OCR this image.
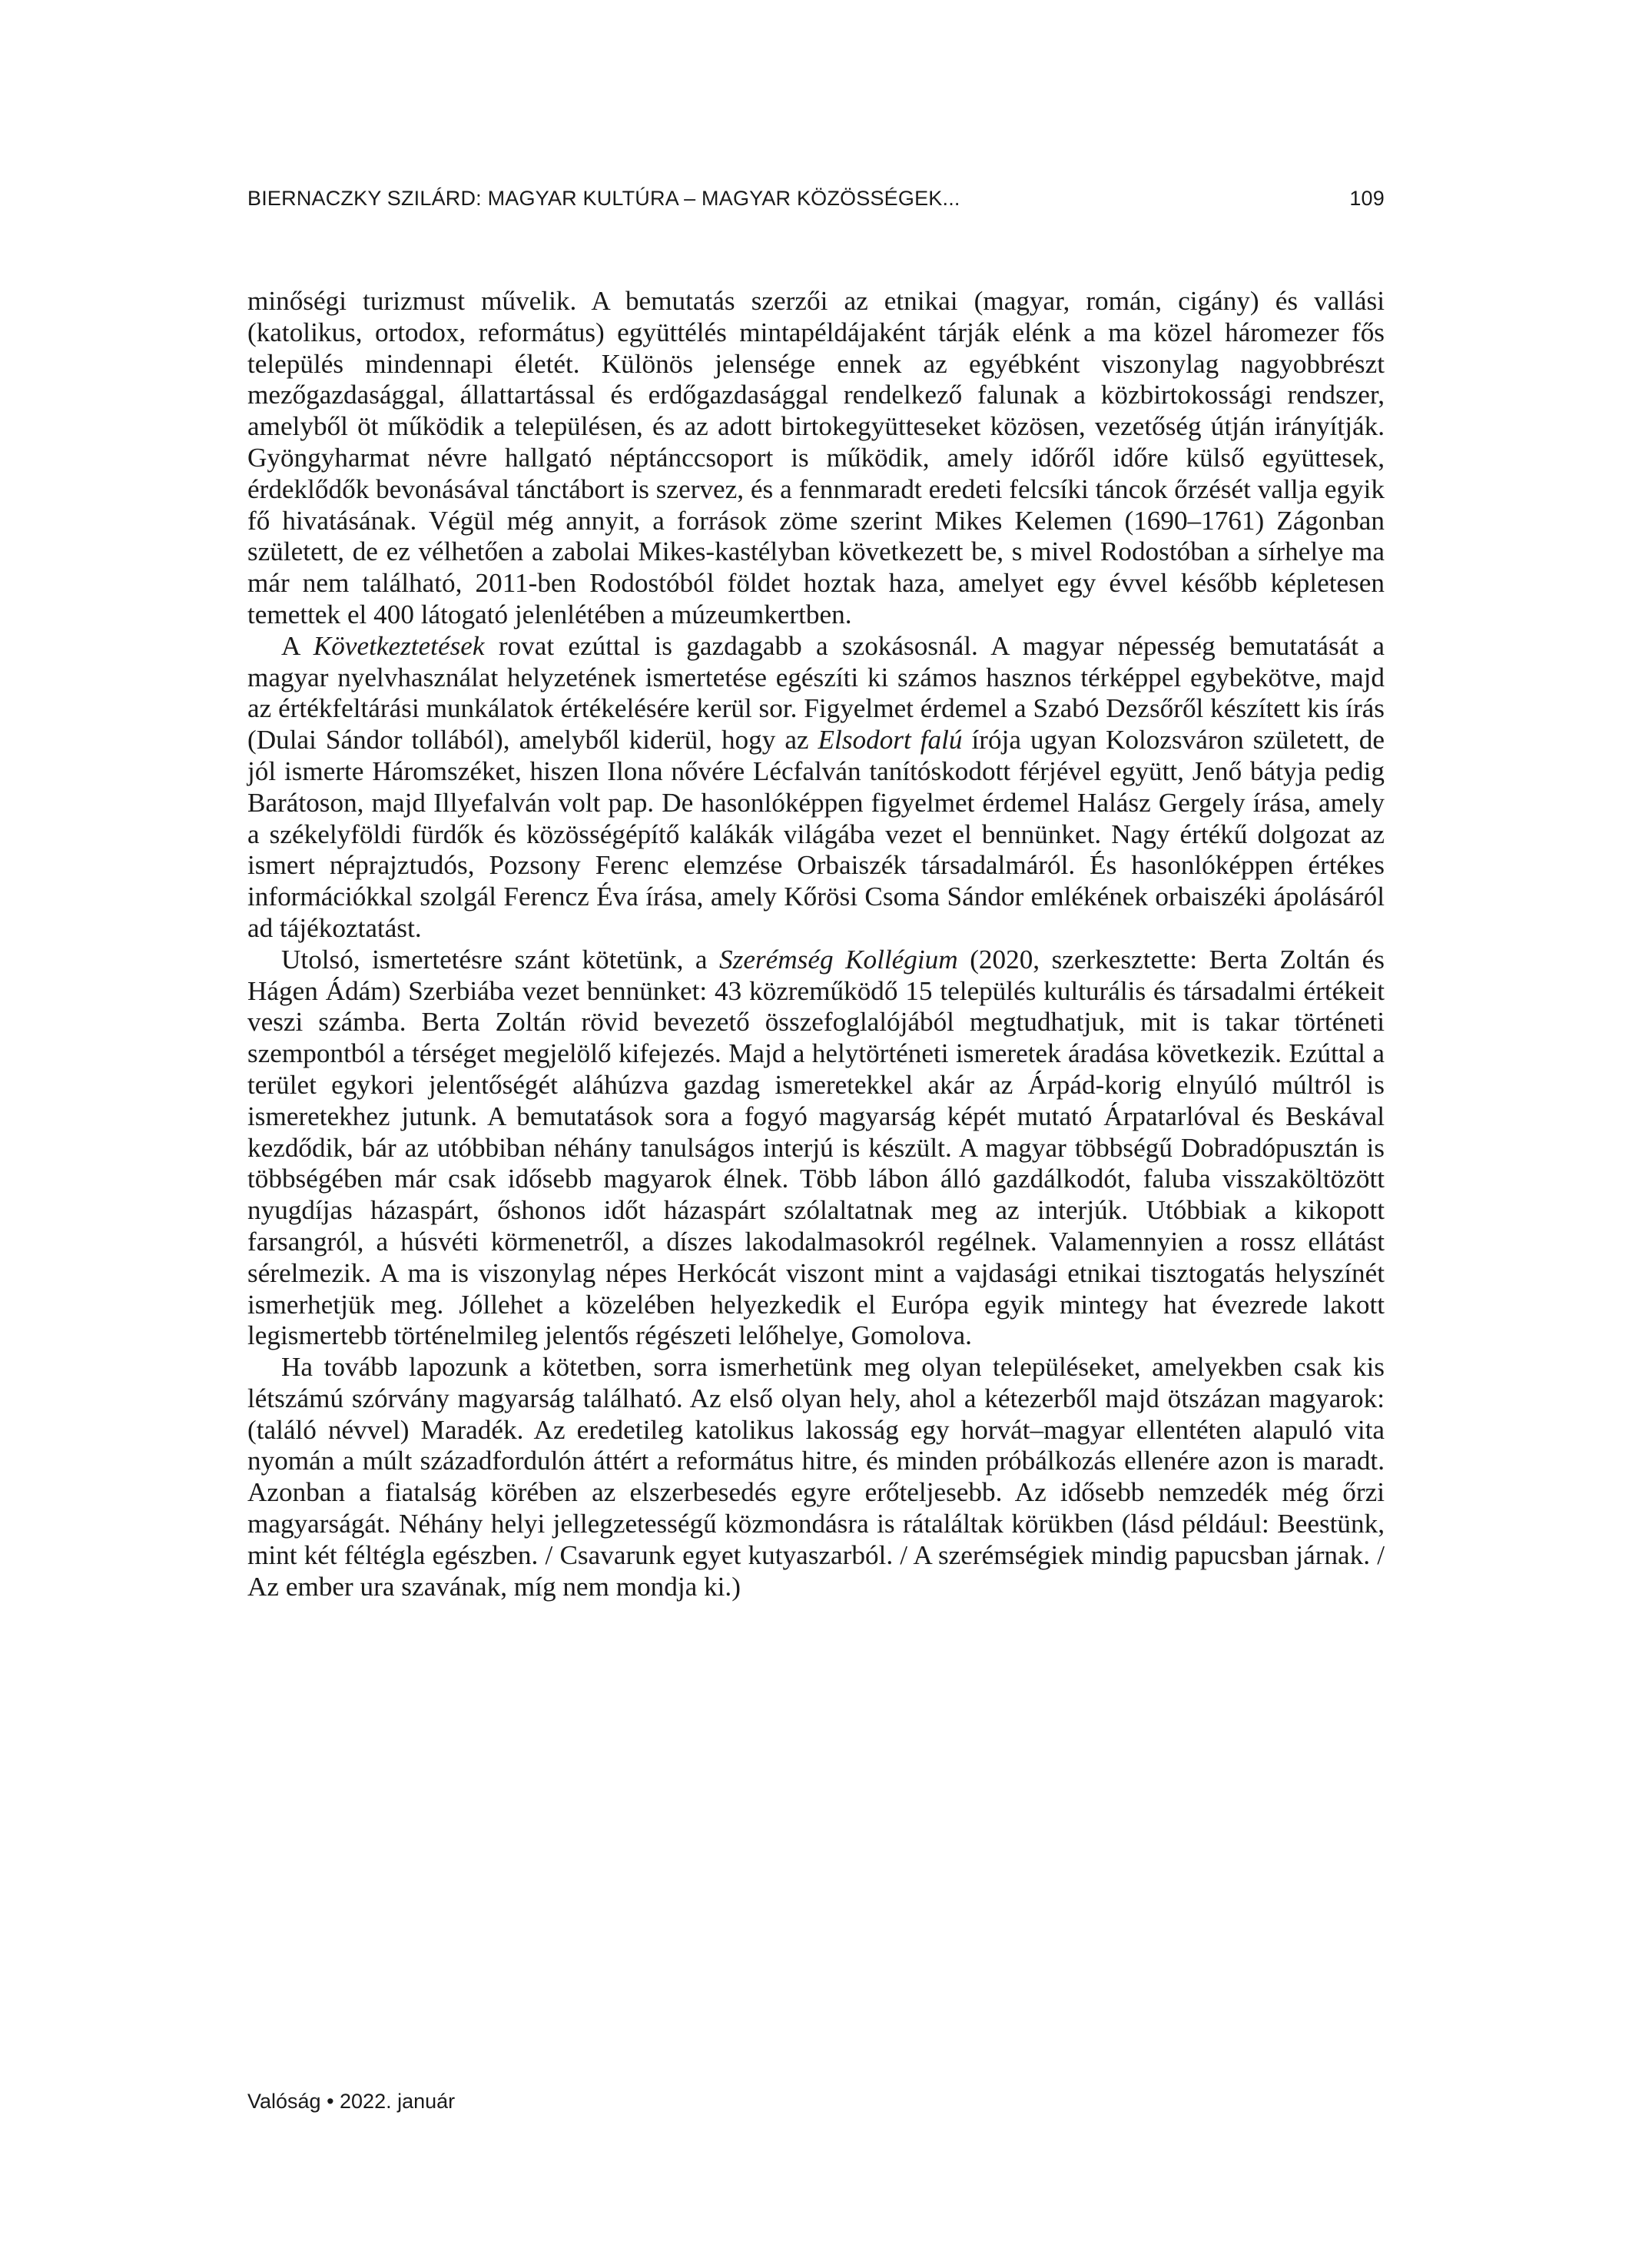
BIERNACZKY SZILÁRD: MAGYAR KULTÚRA – MAGYAR KÖZÖSSÉGEK...	109

minőségi turizmust művelik. A bemutatás szerzői az etnikai (magyar, román, cigány) és vallási (katolikus, ortodox, református) együttélés mintapéldájaként tárják elénk a ma közel háromezer fős település mindennapi életét. Különös jelensége ennek az egyébként viszonylag nagyobbrészt mezőgazdasággal, állattartással és erdőgazdasággal rendelkező falunak a közbirtokossági rendszer, amelyből öt működik a településen, és az adott birtokegyütteseket közösen, vezetőség útján irányítják. Gyöngyharmat névre hallgató néptánccsoport is működik, amely időről időre külső együttesek, érdeklődők bevonásával tánctábort is szervez, és a fennmaradt eredeti felcsíki táncok őrzését vallja egyik fő hivatásának. Végül még annyit, a források zöme szerint Mikes Kelemen (1690–1761) Zágonban született, de ez vélhetően a zabolai Mikes-kastélyban következett be, s mivel Rodostóban a sírhelye ma már nem található, 2011-ben Rodostóból földet hoztak haza, amelyet egy évvel később képletesen temettek el 400 látogató jelenlétében a múzeumkertben.

A Következtetések rovat ezúttal is gazdagabb a szokásosnál. A magyar népesség bemutatását a magyar nyelvhasználat helyzetének ismertetése egészíti ki számos hasznos térképpel egybekötve, majd az értékfeltárási munkálatok értékelésére kerül sor. Figyelmet érdemel a Szabó Dezsőről készített kis írás (Dulai Sándor tollából), amelyből kiderül, hogy az Elsodort falú írója ugyan Kolozsváron született, de jól ismerte Háromszéket, hiszen Ilona nővére Lécfalván tanítóskodott férjével együtt, Jenő bátyja pedig Barátoson, majd Illyefalván volt pap. De hasonlóképpen figyelmet érdemel Halász Gergely írása, amely a székelyföldi fürdők és közösségépítő kalákák világába vezet el bennünket. Nagy értékű dolgozat az ismert néprajztudós, Pozsony Ferenc elemzése Orbaiszék társadalmáról. És hasonlóképpen értékes információkkal szolgál Ferencz Éva írása, amely Kőrösi Csoma Sándor emlékének orbaiszéki ápolásáról ad tájékoztatást.

Utolsó, ismertetésre szánt kötetünk, a Szerémség Kollégium (2020, szerkesztette: Berta Zoltán és Hágen Ádám) Szerbiába vezet bennünket: 43 közreműködő 15 település kulturális és társadalmi értékeit veszi számba. Berta Zoltán rövid bevezető összefoglalójából megtudhatjuk, mit is takar történeti szempontból a térséget megjelölő kifejezés. Majd a helytörténeti ismeretek áradása következik. Ezúttal a terület egykori jelentőségét aláhúzva gazdag ismeretekkel akár az Árpád-korig elnyúló múltról is ismeretekhez jutunk. A bemutatások sora a fogyó magyarság képét mutató Árpatarlóval és Beskával kezdődik, bár az utóbbiban néhány tanulságos interjú is készült. A magyar többségű Dobradópusztán is többségében már csak idősebb magyarok élnek. Több lábon álló gazdálkodót, faluba visszaköltözött nyugdíjas házaspárt, őshonos időt házaspárt szólaltatnak meg az interjúk. Utóbbiak a kikopott farsangról, a húsvéti körmenetről, a díszes lakodalmasokról regélnek. Valamennyien a rossz ellátást sérelmezik. A ma is viszonylag népes Herkócát viszont mint a vajdasági etnikai tisztogatás helyszínét ismerhetjük meg. Jóllehet a közelében helyezkedik el Európa egyik mintegy hat évezrede lakott legismertebb történelmileg jelentős régészeti lelőhelye, Gomolova.

Ha tovább lapozunk a kötetben, sorra ismerhetünk meg olyan településeket, amelyekben csak kis létszámú szórvány magyarság található. Az első olyan hely, ahol a kétezerből majd ötszázan magyarok: (találó névvel) Maradék. Az eredetileg katolikus lakosság egy horvát–magyar ellentéten alapuló vita nyomán a múlt századfordulón áttért a református hitre, és minden próbálkozás ellenére azon is maradt. Azonban a fiatalság körében az elszerbesedés egyre erőteljesebb. Az idősebb nemzedék még őrzi magyarságát. Néhány helyi jellegzetességű közmondásra is rátaláltak körükben (lásd például: Beestünk, mint két féltégla egészben. / Csavarunk egyet kutyaszarból. / A szerémségiek mindig papucsban járnak. / Az ember ura szavának, míg nem mondja ki.)

Valóság • 2022. január
